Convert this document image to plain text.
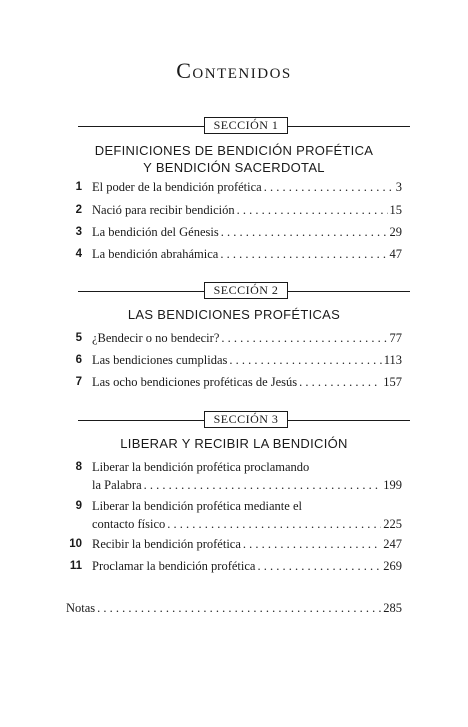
Contenidos
SECCIÓN 1
DEFINICIONES DE BENDICIÓN PROFÉTICA
Y BENDICIÓN SACERDOTAL
1 El poder de la bendición profética . . .	3
2 Nació para recibir bendición . . .	15
3 La bendición del Génesis . . .	29
4 La bendición abrahámica . . .	47
SECCIÓN 2
LAS BENDICIONES PROFÉTICAS
5 ¿Bendecir o no bendecir? . . .	77
6 Las bendiciones cumplidas . . .	113
7 Las ocho bendiciones proféticas de Jesús . . .	157
SECCIÓN 3
LIBERAR Y RECIBIR LA BENDICIÓN
8 Liberar la bendición profética proclamando
la Palabra . . .	199
9 Liberar la bendición profética mediante el
contacto físico . . .	225
10 Recibir la bendición profética . . .	247
11 Proclamar la bendición profética . . .	269
Notas . . .	285
